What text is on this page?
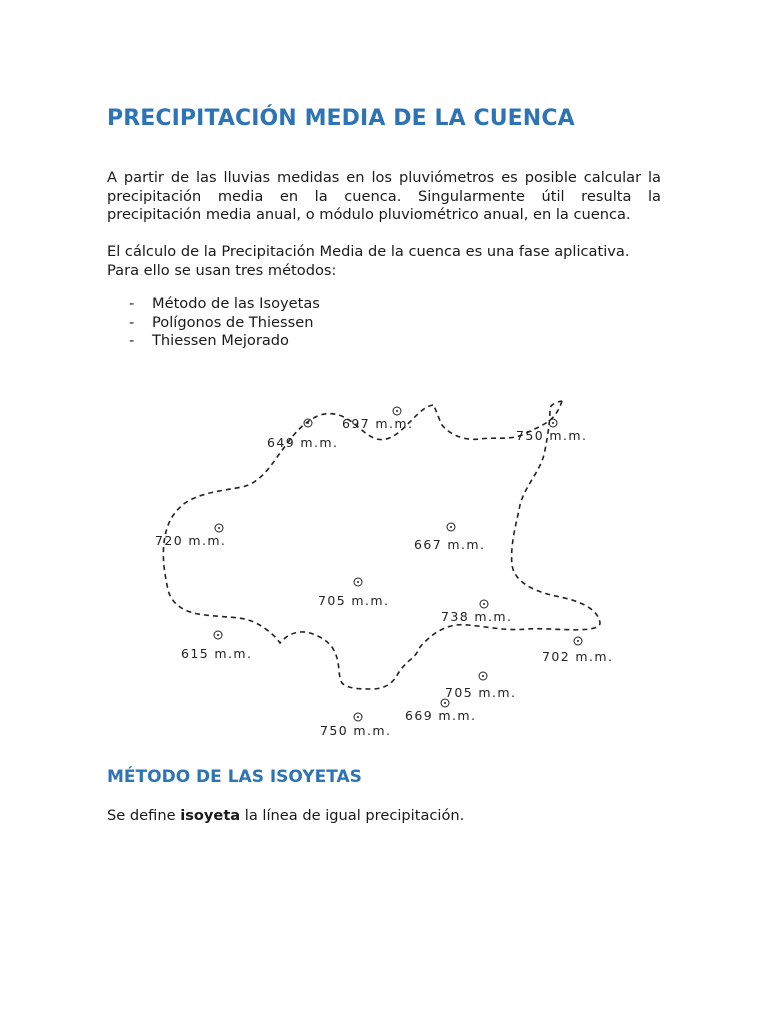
PRECIPITACIÓN MEDIA DE LA CUENCA

A partir de las lluvias medidas en los pluviómetros es posible calcular la precipitación media en la cuenca. Singularmente útil resulta la precipitación media anual, o módulo pluviométrico anual, en la cuenca.

El cálculo de la Precipitación Media de la cuenca es una fase aplicativa.
Para ello se usan tres métodos:

- Método de las Isoyetas
- Polígonos de Thiessen
- Thiessen Mejorado
649 m.m.
697 m.m.
750 m.m.
720 m.m.	667 m.m.
705 m.m.
738 m.m.
615 m.m.	702 m.m.
705 m.m.
669 m.m.
750 m.m.
MÉTODO DE LAS ISOYETAS

Se define isoyeta la línea de igual precipitación.
